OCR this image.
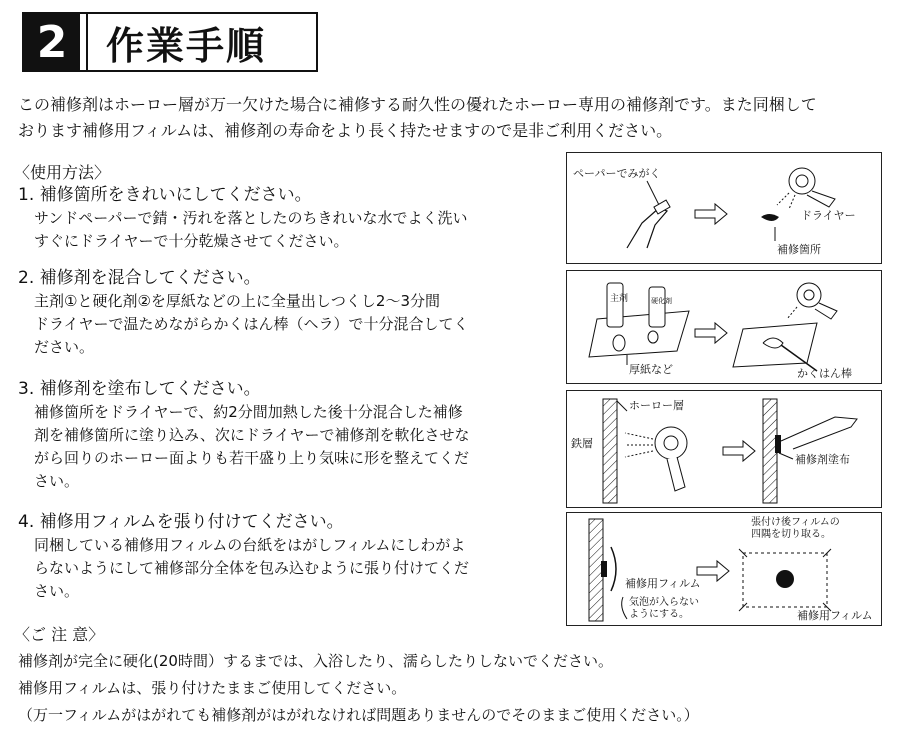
2	作業手順
この補修剤はホーロー層が万一欠けた場合に補修する耐久性の優れたホーロー専用の補修剤です。また同梱して
おります補修用フィルムは、補修剤の寿命をより長く持たせますので是非ご利用ください。
〈使用方法〉
1. 補修箇所をきれいにしてください。
サンドペーパーで錆・汚れを落としたのちきれいな水でよく洗い
すぐにドライヤーで十分乾燥させてください。
2. 補修剤を混合してください。
主剤①と硬化剤②を厚紙などの上に全量出しつくし2～3分間
ドライヤーで温ためながらかくはん棒（ヘラ）で十分混合してく
ださい。
3. 補修剤を塗布してください。
補修箇所をドライヤーで、約2分間加熱した後十分混合した補修
剤を補修箇所に塗り込み、次にドライヤーで補修剤を軟化させな
がら回りのホーロー面よりも若干盛り上り気味に形を整えてくだ
さい。
4. 補修用フィルムを張り付けてください。
同梱している補修用フィルムの台紙をはがしフィルムにしわがよ
らないようにして補修部分全体を包み込むように張り付けてくだ
さい。
〈ご 注 意〉
補修剤が完全に硬化(20時間）するまでは、入浴したり、濡らしたりしないでください。
補修用フィルムは、張り付けたままご使用してください。
（万一フィルムがはがれても補修剤がはがれなければ問題ありませんのでそのままご使用ください。）
ペーパーでみがく
ドライヤー
補修箇所
主剤	硬化剤
厚紙など	かくはん棒
ホーロー層
鉄層
補修剤塗布
補修用フィルム
気泡が入らない
ようにする。
張付け後フィルムの
四隅を切り取る。
補修用フィルム
